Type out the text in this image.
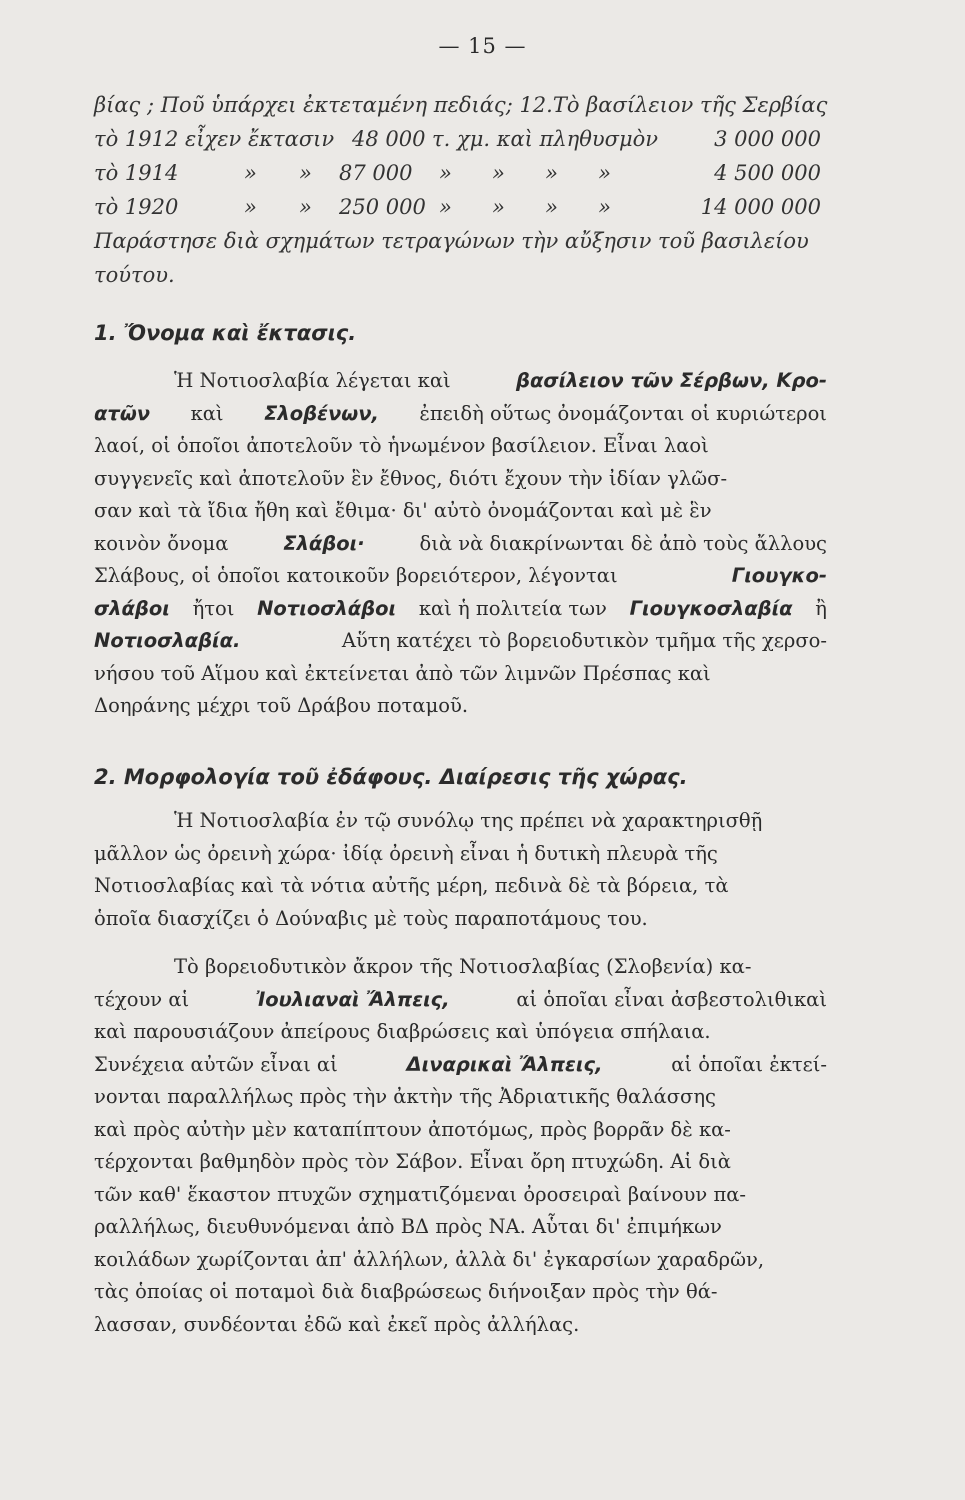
— 15 —
βίας ; Ποῦ ὑπάρχει ἐκτεταμένη πεδιάς; 12.Τὸ βασίλειον τῆς Σερβίας
τὸ 1912 εἶχεν ἔκτασιν 48 000 τ. χμ. καὶ πληθυσμὸν	3 000 000
τὸ 1914	»	»	87 000	» » » »	4 500 000
τὸ 1920	»	»	250 000 » » » »	14 000 000
Παράστησε διὰ σχημάτων τετραγώνων τὴν αὔξησιν τοῦ βασιλείου
τούτου.
1. Ὄνομα καὶ ἔκτασις.
Ἡ Νοτιοσλαβία λέγεται καὶ	βασίλειον τῶν Σέρβων, Κρο-
ατῶν καὶ Σλοβένων, ἐπειδὴ οὕτως ὀνομάζονται οἱ κυριώτεροι
λαοί, οἱ ὁποῖοι ἀποτελοῦν τὸ ἡνωμένον βασίλειον. Εἶναι λαοὶ
συγγενεῖς καὶ ἀποτελοῦν ἓν ἔθνος, διότι ἔχουν τὴν ἰδίαν γλῶσ-
σαν καὶ τὰ ἴδια ἤθη καὶ ἔθιμα· δι' αὐτὸ ὀνομάζονται καὶ μὲ ἓν
κοινὸν ὄνομα	Σλάβοι·	διὰ νὰ διακρίνωνται δὲ ἀπὸ τοὺς ἄλλους
Σλάβους, οἱ ὁποῖοι κατοικοῦν βορειότερον, λέγονται	Γιουγκο-
σλάβοι ἤτοι Νοτιοσλάβοι καὶ ἡ πολιτεία των Γιουγκοσλαβία ἢ
Νοτιοσλαβία.	Αὕτη κατέχει τὸ βορειοδυτικὸν τμῆμα τῆς χερσο-
νήσου τοῦ Αἵμου καὶ ἐκτείνεται ἀπὸ τῶν λιμνῶν Πρέσπας καὶ
Δοηράνης μέχρι τοῦ Δράβου ποταμοῦ.
2. Μορφολογία τοῦ ἐδάφους. Διαίρεσις τῆς χώρας.
Ἡ Νοτιοσλαβία ἐν τῷ συνόλῳ της πρέπει νὰ χαρακτηρισθῇ
μᾶλλον ὡς ὀρεινὴ χώρα· ἰδίᾳ ὀρεινὴ εἶναι ἡ δυτικὴ πλευρὰ τῆς
Νοτιοσλαβίας καὶ τὰ νότια αὐτῆς μέρη, πεδινὰ δὲ τὰ βόρεια, τὰ
ὁποῖα διασχίζει ὁ Δούναβις μὲ τοὺς παραποτάμους του.
Τὸ βορειοδυτικὸν ἄκρον τῆς Νοτιοσλαβίας (Σλοβενία) κα-
τέχουν αἱ	Ἰουλιαναὶ Ἄλπεις,	αἱ ὁποῖαι εἶναι ἀσβεστολιθικαὶ
καὶ παρουσιάζουν ἀπείρους διαβρώσεις καὶ ὑπόγεια σπήλαια.
Συνέχεια αὐτῶν εἶναι αἱ	Διναρικαὶ Ἄλπεις,	αἱ ὁποῖαι ἐκτεί-
νονται παραλλήλως πρὸς τὴν ἀκτὴν τῆς Ἀδριατικῆς θαλάσσης
καὶ πρὸς αὐτὴν μὲν καταπίπτουν ἀποτόμως, πρὸς βορρᾶν δὲ κα-
τέρχονται βαθμηδὸν πρὸς τὸν Σάβον. Εἶναι ὄρη πτυχώδη. Αἱ διὰ
τῶν καθ' ἕκαστον πτυχῶν σχηματιζόμεναι ὀροσειραὶ βαίνουν πα-
ραλλήλως, διευθυνόμεναι ἀπὸ ΒΔ πρὸς ΝΑ. Αὗται δι' ἐπιμήκων
κοιλάδων χωρίζονται ἀπ' ἀλλήλων, ἀλλὰ δι' ἐγκαρσίων χαραδρῶν,
τὰς ὁποίας οἱ ποταμοὶ διὰ διαβρώσεως διήνοιξαν πρὸς τὴν θά-
λασσαν, συνδέονται ἐδῶ καὶ ἐκεῖ πρὸς ἀλλήλας.
